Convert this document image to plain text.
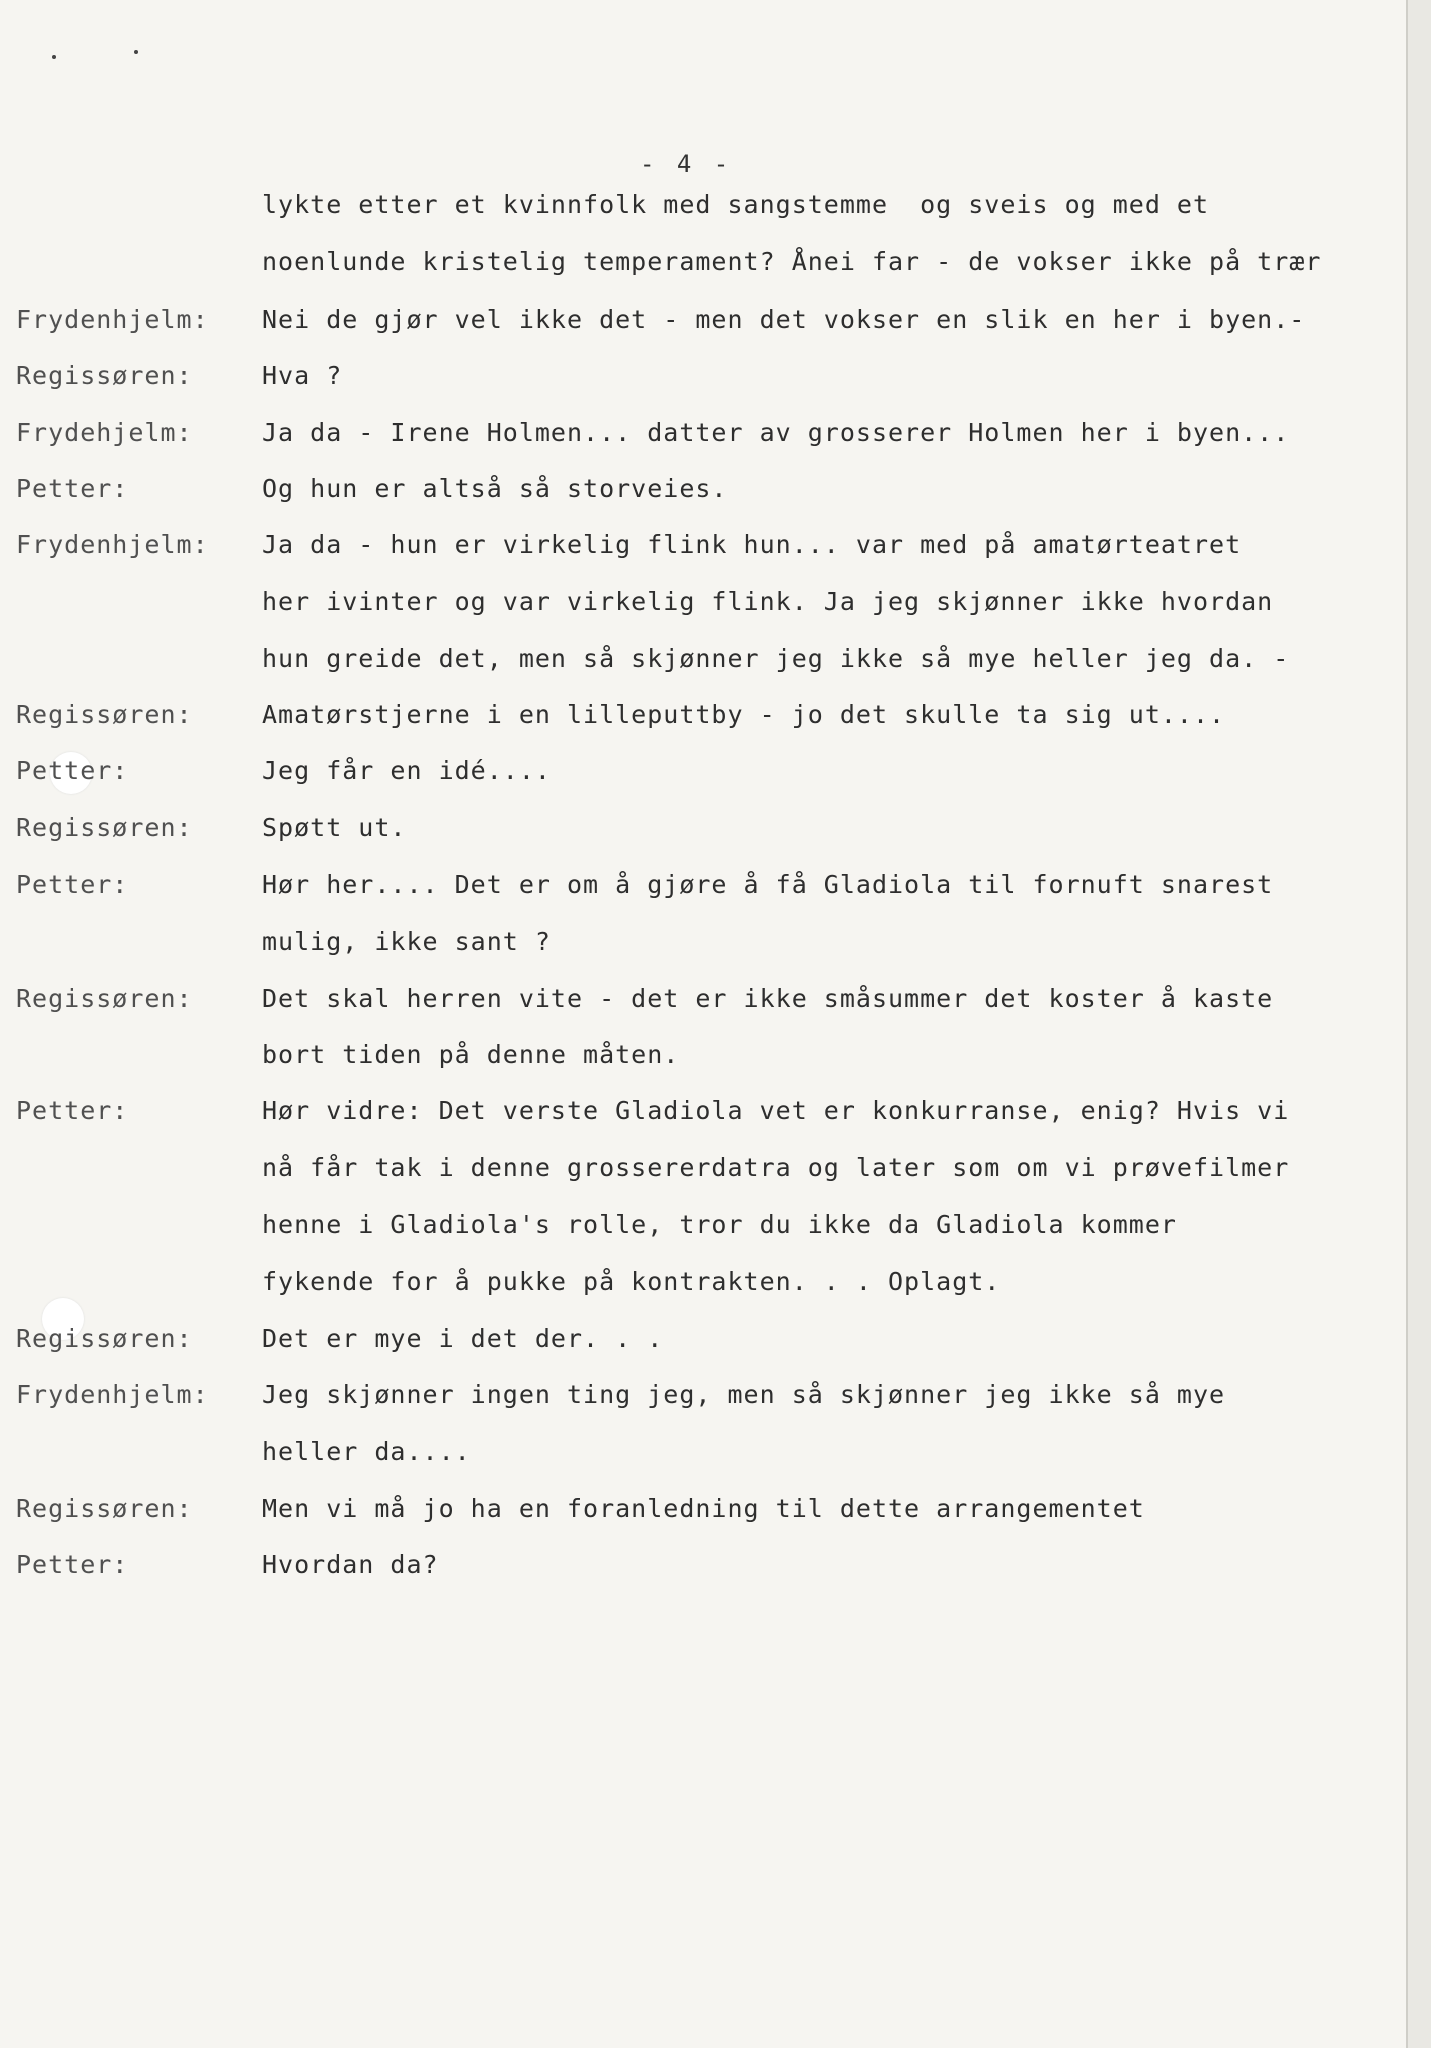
- 4 -
lykte etter et kvinnfolk med sangstemme  og sveis og med et
noenlunde kristelig temperament? Ånei far - de vokser ikke på trær
Frydenhjelm: Nei de gjør vel ikke det - men det vokser en slik en her i byen.-
Regissøren:	Hva ?
Frydehjelm:	Ja da - Irene Holmen... datter av grosserer Holmen her i byen...
Petter:	Og hun er altså så storveies.
Frydenhjelm: Ja da - hun er virkelig flink hun... var med på amatørteatret
her ivinter og var virkelig flink. Ja jeg skjønner ikke hvordan
hun greide det, men så skjønner jeg ikke så mye heller jeg da. -
Regissøren:	Amatørstjerne i en lilleputtby - jo det skulle ta sig ut....
Petter:	Jeg får en idé....
Regissøren:	Spøtt ut.
Petter:	Hør her.... Det er om å gjøre å få Gladiola til fornuft snarest
mulig, ikke sant ?
Regissøren:	Det skal herren vite - det er ikke småsummer det koster å kaste
bort tiden på denne måten.
Petter:	Hør vidre: Det verste Gladiola vet er konkurranse, enig? Hvis vi
nå får tak i denne grossererdatra og later som om vi prøvefilmer
henne i Gladiola's rolle, tror du ikke da Gladiola kommer
fykende for å pukke på kontrakten. . . Oplagt.
Regissøren:	Det er mye i det der. . .
Frydenhjelm: Jeg skjønner ingen ting jeg, men så skjønner jeg ikke så mye
heller da....
Regissøren:	Men vi må jo ha en foranledning til dette arrangementet
Petter:	Hvordan da?
